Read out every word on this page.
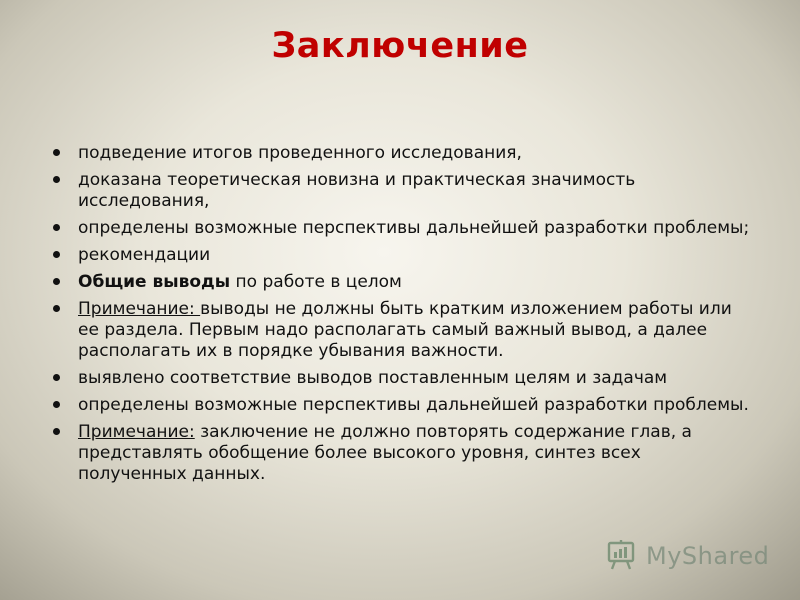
Заключение
подведение итогов проведенного исследования,
доказана теоретическая новизна и практическая значимость исследования,
определены возможные перспективы дальнейшей разработки проблемы;
рекомендации
Общие выводы по работе в целом
Примечание: выводы не должны быть кратким изложением работы или ее раздела. Первым надо располагать самый важный вывод, а далее располагать их в порядке убывания важности.
выявлено соответствие выводов поставленным целям и задачам
определены возможные перспективы дальнейшей разработки проблемы.
Примечание: заключение не должно повторять содержание глав, а представлять обобщение более высокого уровня, синтез всех полученных данных.
MyShared
